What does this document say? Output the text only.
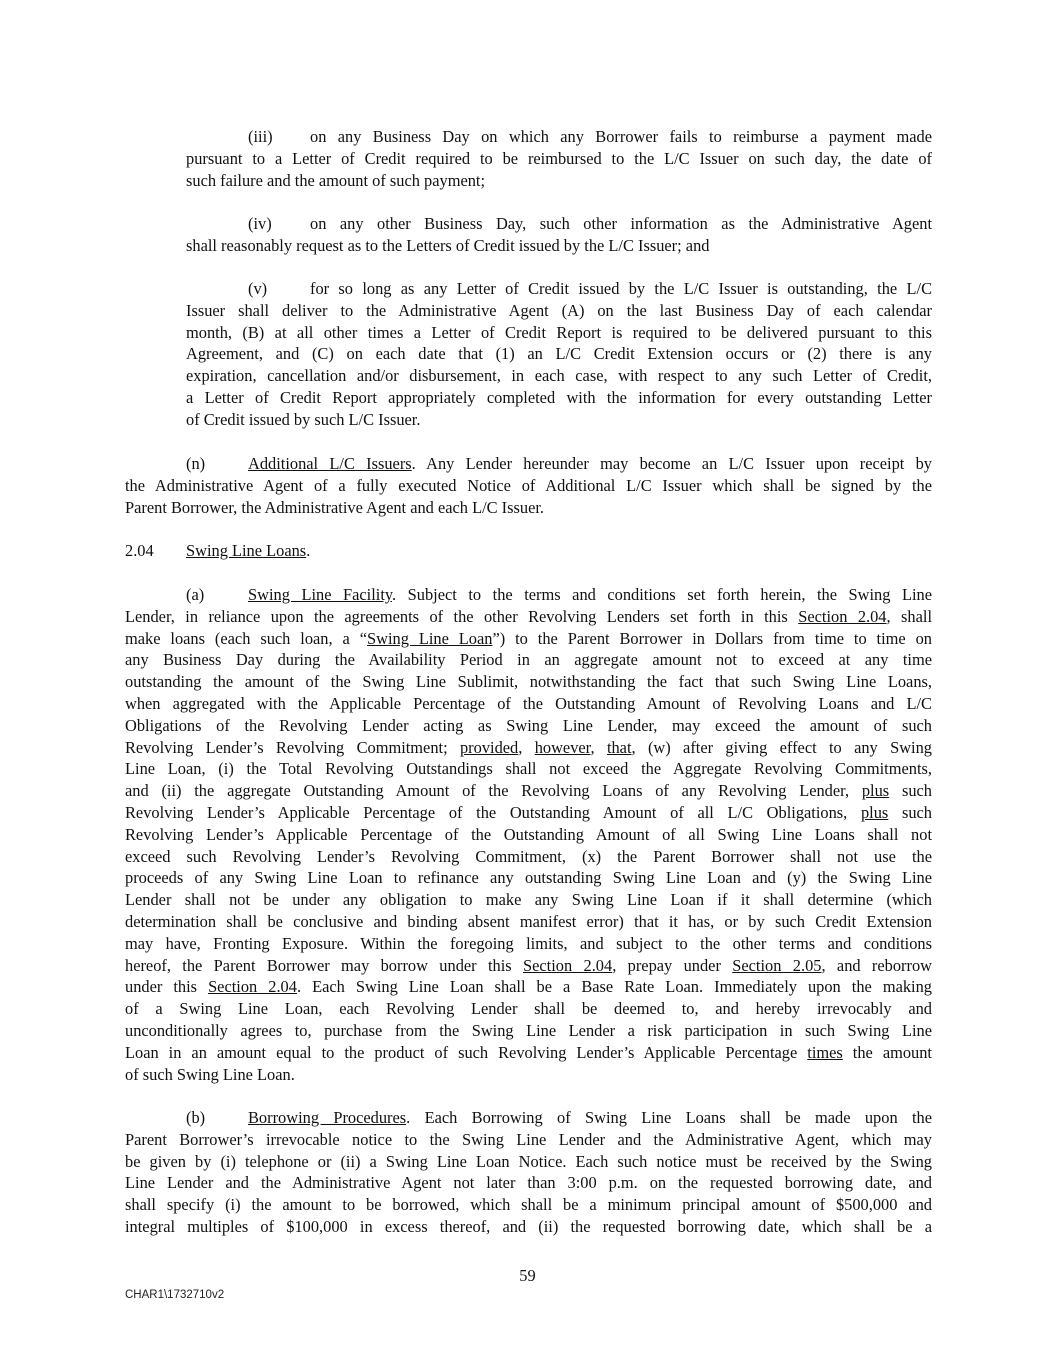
(iii) on any Business Day on which any Borrower fails to reimburse a payment made
pursuant to a Letter of Credit required to be reimbursed to the L/C Issuer on such day, the date of
such failure and the amount of such payment;
(iv) on any other Business Day, such other information as the Administrative Agent
shall reasonably request as to the Letters of Credit issued by the L/C Issuer; and
(v)	for so long as any Letter of Credit issued by the L/C Issuer is outstanding, the L/C
Issuer shall deliver to the Administrative Agent (A) on the last Business Day of each calendar
month, (B) at all other times a Letter of Credit Report is required to be delivered pursuant to this
Agreement, and (C) on each date that (1) an L/C Credit Extension occurs or (2) there is any
expiration, cancellation and/or disbursement, in each case, with respect to any such Letter of Credit,
a Letter of Credit Report appropriately completed with the information for every outstanding Letter
of Credit issued by such L/C Issuer.
(n)	Additional L/C Issuers. Any Lender hereunder may become an L/C Issuer upon receipt by
the Administrative Agent of a fully executed Notice of Additional L/C Issuer which shall be signed by the
Parent Borrower, the Administrative Agent and each L/C Issuer.
2.04 Swing Line Loans.
(a)	Swing Line Facility. Subject to the terms and conditions set forth herein, the Swing Line
Lender, in reliance upon the agreements of the other Revolving Lenders set forth in this Section 2.04, shall
make loans (each such loan, a “Swing Line Loan”) to the Parent Borrower in Dollars from time to time on
any Business Day during the Availability Period in an aggregate amount not to exceed at any time
outstanding the amount of the Swing Line Sublimit, notwithstanding the fact that such Swing Line Loans,
when aggregated with the Applicable Percentage of the Outstanding Amount of Revolving Loans and L/C
Obligations of the Revolving Lender acting as Swing Line Lender, may exceed the amount of such
Revolving Lender’s Revolving Commitment; provided, however, that, (w) after giving effect to any Swing
Line Loan, (i) the Total Revolving Outstandings shall not exceed the Aggregate Revolving Commitments,
and (ii) the aggregate Outstanding Amount of the Revolving Loans of any Revolving Lender, plus such
Revolving Lender’s Applicable Percentage of the Outstanding Amount of all L/C Obligations, plus such
Revolving Lender’s Applicable Percentage of the Outstanding Amount of all Swing Line Loans shall not
exceed such Revolving Lender’s Revolving Commitment, (x) the Parent Borrower shall not use the
proceeds of any Swing Line Loan to refinance any outstanding Swing Line Loan and (y) the Swing Line
Lender shall not be under any obligation to make any Swing Line Loan if it shall determine (which
determination shall be conclusive and binding absent manifest error) that it has, or by such Credit Extension
may have, Fronting Exposure. Within the foregoing limits, and subject to the other terms and conditions
hereof, the Parent Borrower may borrow under this Section 2.04, prepay under Section 2.05, and reborrow
under this Section 2.04. Each Swing Line Loan shall be a Base Rate Loan. Immediately upon the making
of a Swing Line Loan, each Revolving Lender shall be deemed to, and hereby irrevocably and
unconditionally agrees to, purchase from the Swing Line Lender a risk participation in such Swing Line
Loan in an amount equal to the product of such Revolving Lender’s Applicable Percentage times the amount
of such Swing Line Loan.
(b)	Borrowing Procedures. Each Borrowing of Swing Line Loans shall be made upon the
Parent Borrower’s irrevocable notice to the Swing Line Lender and the Administrative Agent, which may
be given by (i) telephone or (ii) a Swing Line Loan Notice. Each such notice must be received by the Swing
Line Lender and the Administrative Agent not later than 3:00 p.m. on the requested borrowing date, and
shall specify (i) the amount to be borrowed, which shall be a minimum principal amount of $500,000 and
integral multiples of $100,000 in excess thereof, and (ii) the requested borrowing date, which shall be a
59
CHAR1\1732710v2
